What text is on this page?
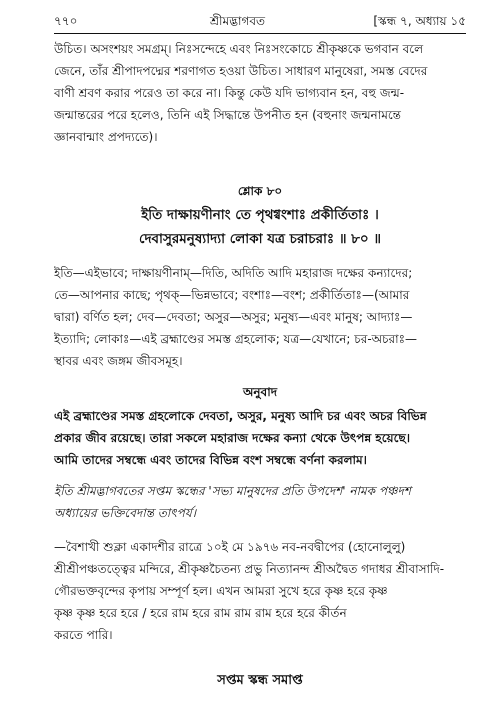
৭৭০	শ্রীমদ্ভাগবত	[স্কন্ধ ৭, অধ্যায় ১৫
উচিত। অসংশয়ং সমগ্রম্। নিঃসন্দেহে এবং নিঃসংকোচে শ্রীকৃষ্ণকে ভগবান বলে
জেনে, তাঁর শ্রীপাদপদ্মের শরণাগত হওয়া উচিত। সাধারণ মানুষেরা, সমস্ত বেদের
বাণী শ্রবণ করার পরেও তা করে না। কিন্তু কেউ যদি ভাগ্যবান হন, বহু জন্ম-
জন্মান্তরের পরে হলেও, তিনি এই সিদ্ধান্তে উপনীত হন (বহুনাং জন্মনামন্তে
জ্ঞানবান্মাং প্রপদ্যতে)।
শ্লোক ৮০
ইতি দাক্ষায়ণীনাং তে পৃথগ্বংশাঃ প্রকীর্তিতাঃ ।
দেবাসুরমনুষ্যাদ্যা লোকা যত্র চরাচরাঃ ॥ ৮০ ॥
ইতি—এইভাবে; দাক্ষায়ণীনাম্—দিতি, অদিতি আদি মহারাজ দক্ষের কন্যাদের;
তে—আপনার কাছে; পৃথক্—ভিন্নভাবে; বংশাঃ—বংশ; প্রকীর্তিতাঃ—(আমার
দ্বারা) বর্ণিত হল; দেব—দেবতা; অসুর—অসুর; মনুষ্য—এবং মানুষ; আদ্যাঃ—
ইত্যাদি; লোকাঃ—এই ব্রহ্মাণ্ডের সমস্ত গ্রহলোক; যত্র—যেখানে; চর-অচরাঃ—
স্থাবর এবং জঙ্গম জীবসমূহ।
অনুবাদ
এই ব্রহ্মাণ্ডের সমস্ত গ্রহলোকে দেবতা, অসুর, মনুষ্য আদি চর এবং অচর বিভিন্ন
প্রকার জীব রয়েছে। তারা সকলে মহারাজ দক্ষের কন্যা থেকে উৎপন্ন হয়েছে।
আমি তাদের সম্বন্ধে এবং তাদের বিভিন্ন বংশ সম্বন্ধে বর্ণনা করলাম।
ইতি শ্রীমদ্ভাগবতের সপ্তম স্কন্ধের 'সভ্য মানুষদের প্রতি উপদেশ' নামক পঞ্চদশ
অধ্যায়ের ভক্তিবেদান্ত তাৎপর্য।
—বৈশাখী শুক্লা একাদশীর রাত্রে ১০ই মে ১৯৭৬ নব-নবদ্বীপের (হোনোলুলু)
শ্রীশ্রীপঞ্চতত্ত্বের মন্দিরে, শ্রীকৃষ্ণচৈতন্য প্রভু নিত্যানন্দ শ্রীঅদ্বৈত গদাধর শ্রীবাসাদি-
গৌরভক্তবৃন্দের কৃপায় সম্পূর্ণ হল। এখন আমরা সুখে হরে কৃষ্ণ হরে কৃষ্ণ
কৃষ্ণ কৃষ্ণ হরে হরে / হরে রাম হরে রাম রাম রাম হরে হরে কীর্তন
করতে পারি।
সপ্তম স্কন্ধ সমাপ্ত
